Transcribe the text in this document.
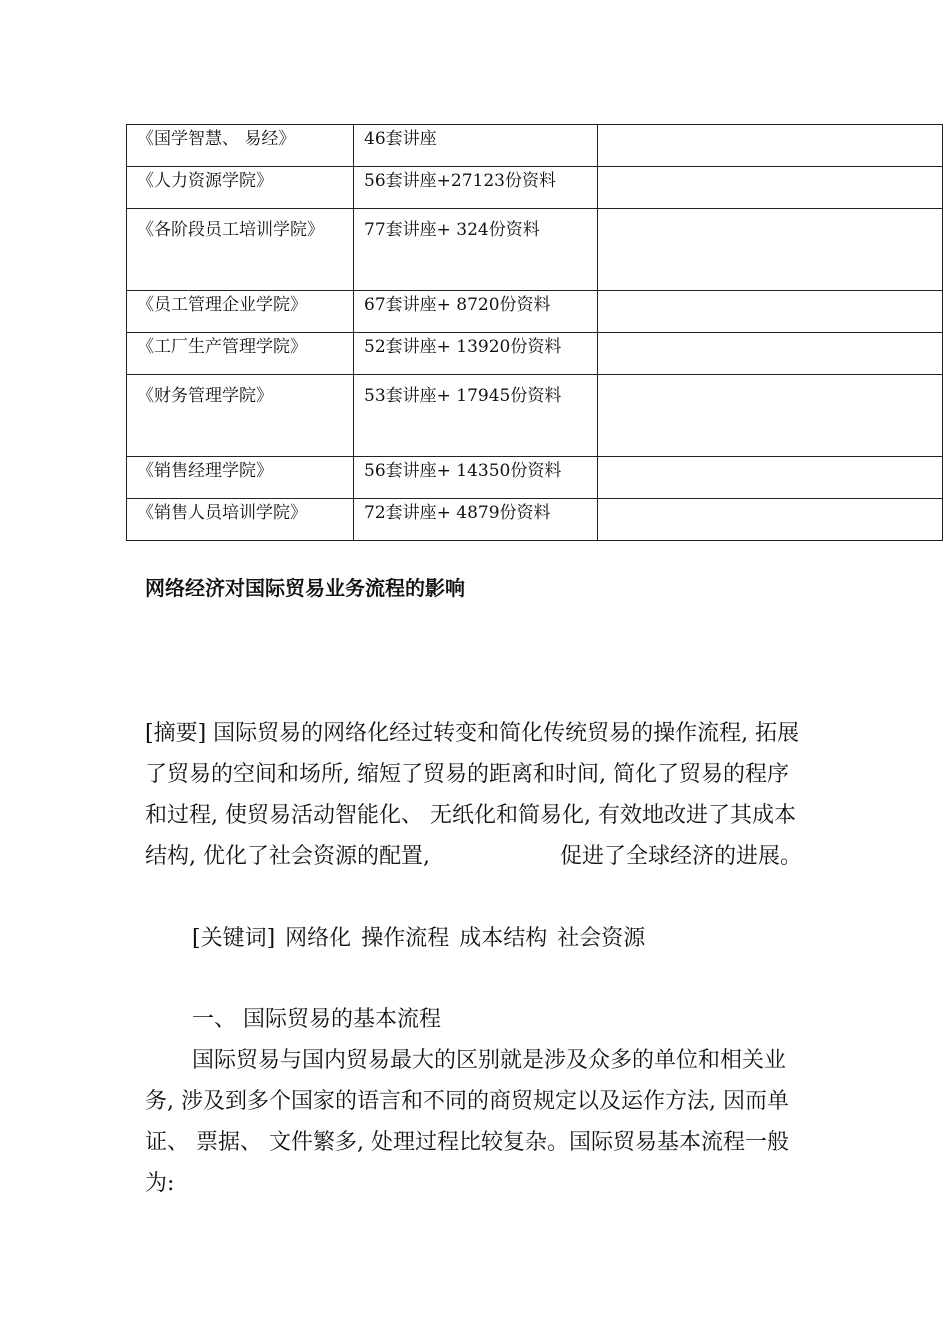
《国学智慧、 易经》	46套讲座	
《人力资源学院》	56套讲座+27123份资料	
《各阶段员工培训学院》	77套讲座+ 324份资料	
《员工管理企业学院》	67套讲座+ 8720份资料	
《工厂生产管理学院》	52套讲座+ 13920份资料	
《财务管理学院》	53套讲座+ 17945份资料	
《销售经理学院》	56套讲座+ 14350份资料	
《销售人员培训学院》	72套讲座+ 4879份资料	
网络经济对国际贸易业务流程的影响

[摘要] 国际贸易的网络化经过转变和简化传统贸易的操作流程, 拓展了贸易的空间和场所, 缩短了贸易的距离和时间, 简化了贸易的程序和过程, 使贸易活动智能化、 无纸化和简易化, 有效地改进了其成本结构, 优化了社会资源的配置,	促进了全球经济的进展。

[关键词] 网络化 操作流程 成本结构 社会资源

一、 国际贸易的基本流程

国际贸易与国内贸易最大的区别就是涉及众多的单位和相关业务, 涉及到多个国家的语言和不同的商贸规定以及运作方法, 因而单证、 票据、 文件繁多, 处理过程比较复杂。国际贸易基本流程一般为:
